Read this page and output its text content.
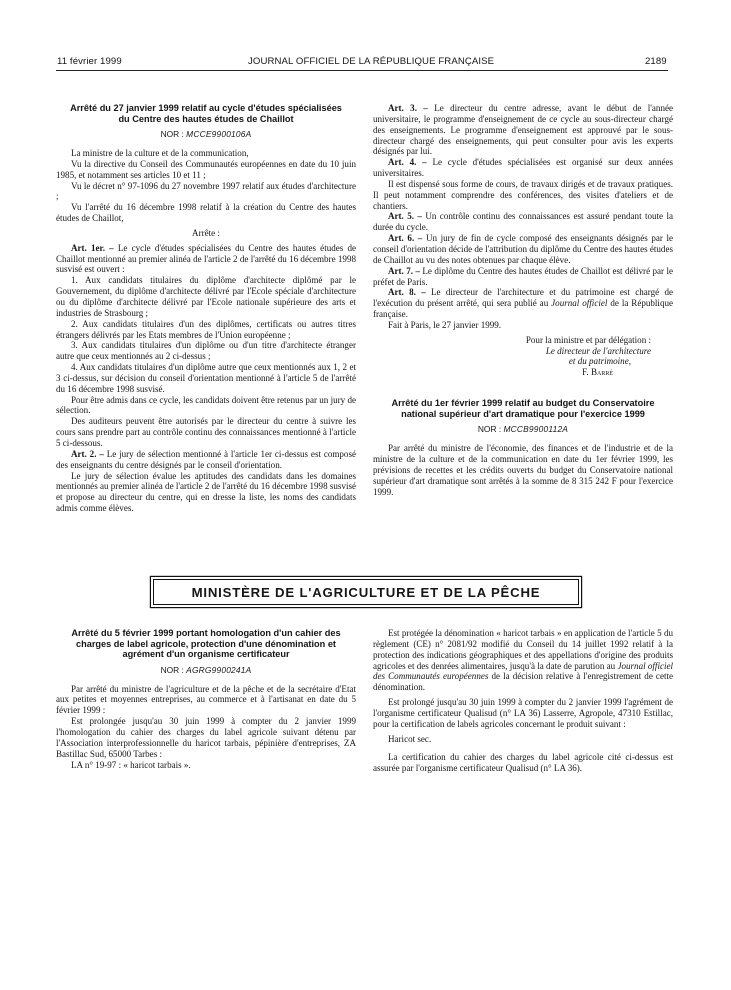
11 février 1999	JOURNAL OFFICIEL DE LA RÉPUBLIQUE FRANÇAISE	2189

Arrêté du 27 janvier 1999 relatif au cycle d'études spécialisées du Centre des hautes études de Chaillot

NOR : MCCE9900106A

La ministre de la culture et de la communication,

Vu la directive du Conseil des Communautés européennes en date du 10 juin 1985, et notamment ses articles 10 et 11 ;

Vu le décret n° 97-1096 du 27 novembre 1997 relatif aux études d'architecture ;

Vu l'arrêté du 16 décembre 1998 relatif à la création du Centre des hautes études de Chaillot,

Arrête :

Art. 1er. – Le cycle d'études spécialisées du Centre des hautes études de Chaillot mentionné au premier alinéa de l'article 2 de l'arrêté du 16 décembre 1998 susvisé est ouvert :

1. Aux candidats titulaires du diplôme d'architecte diplômé par le Gouvernement, du diplôme d'architecte délivré par l'Ecole spéciale d'architecture ou du diplôme d'architecte délivré par l'Ecole nationale supérieure des arts et industries de Strasbourg ;

2. Aux candidats titulaires d'un des diplômes, certificats ou autres titres étrangers délivrés par les Etats membres de l'Union européenne ;

3. Aux candidats titulaires d'un diplôme ou d'un titre d'architecte étranger autre que ceux mentionnés au 2 ci-dessus ;

4. Aux candidats titulaires d'un diplôme autre que ceux mentionnés aux 1, 2 et 3 ci-dessus, sur décision du conseil d'orientation mentionné à l'article 5 de l'arrêté du 16 décembre 1998 susvisé.

Pour être admis dans ce cycle, les candidats doivent être retenus par un jury de sélection.

Des auditeurs peuvent être autorisés par le directeur du centre à suivre les cours sans prendre part au contrôle continu des connaissances mentionné à l'article 5 ci-dessous.

Art. 2. – Le jury de sélection mentionné à l'article 1er ci-dessus est composé des enseignants du centre désignés par le conseil d'orientation.

Le jury de sélection évalue les aptitudes des candidats dans les domaines mentionnés au premier alinéa de l'article 2 de l'arrêté du 16 décembre 1998 susvisé et propose au directeur du centre, qui en dresse la liste, les noms des candidats admis comme élèves.

Art. 3. – Le directeur du centre adresse, avant le début de l'année universitaire, le programme d'enseignement de ce cycle au sous-directeur chargé des enseignements. Le programme d'enseignement est approuvé par le sous-directeur chargé des enseignements, qui peut consulter pour avis les experts désignés par lui.

Art. 4. – Le cycle d'études spécialisées est organisé sur deux années universitaires.

Il est dispensé sous forme de cours, de travaux dirigés et de travaux pratiques. Il peut notamment comprendre des conférences, des visites d'ateliers et de chantiers.

Art. 5. – Un contrôle continu des connaissances est assuré pendant toute la durée du cycle.

Art. 6. – Un jury de fin de cycle composé des enseignants désignés par le conseil d'orientation décide de l'attribution du diplôme du Centre des hautes études de Chaillot au vu des notes obtenues par chaque élève.

Art. 7. – Le diplôme du Centre des hautes études de Chaillot est délivré par le préfet de Paris.

Art. 8. – Le directeur de l'architecture et du patrimoine est chargé de l'exécution du présent arrêté, qui sera publié au Journal officiel de la République française.

Fait à Paris, le 27 janvier 1999.

Pour la ministre et par délégation :

Le directeur de l'architecture

et du patrimoine,

F. Barré

Arrêté du 1er février 1999 relatif au budget du Conservatoire national supérieur d'art dramatique pour l'exercice 1999

NOR : MCCB9900112A

Par arrêté du ministre de l'économie, des finances et de l'industrie et de la ministre de la culture et de la communication en date du 1er février 1999, les prévisions de recettes et les crédits ouverts du budget du Conservatoire national supérieur d'art dramatique sont arrêtés à la somme de 8 315 242 F pour l'exercice 1999.

MINISTÈRE DE L'AGRICULTURE ET DE LA PÊCHE

Arrêté du 5 février 1999 portant homologation d'un cahier des charges de label agricole, protection d'une dénomination et agrément d'un organisme certificateur

NOR : AGRG9900241A

Par arrêté du ministre de l'agriculture et de la pêche et de la secrétaire d'Etat aux petites et moyennes entreprises, au commerce et à l'artisanat en date du 5 février 1999 :

Est prolongée jusqu'au 30 juin 1999 à compter du 2 janvier 1999 l'homologation du cahier des charges du label agricole suivant détenu par l'Association interprofessionnelle du haricot tarbais, pépinière d'entreprises, ZA Bastillac Sud, 65000 Tarbes :

LA n° 19-97 : « haricot tarbais ».

Est protégée la dénomination « haricot tarbais » en application de l'article 5 du règlement (CE) n° 2081/92 modifié du Conseil du 14 juillet 1992 relatif à la protection des indications géographiques et des appellations d'origine des produits agricoles et des denrées alimentaires, jusqu'à la date de parution au Journal officiel des Communautés européennes de la décision relative à l'enregistrement de cette dénomination.

Est prolongé jusqu'au 30 juin 1999 à compter du 2 janvier 1999 l'agrément de l'organisme certificateur Qualisud (n° LA 36) Lasserre, Agropole, 47310 Estillac, pour la certification de labels agricoles concernant le produit suivant :

Haricot sec.

La certification du cahier des charges du label agricole cité ci-dessus est assurée par l'organisme certificateur Qualisud (n° LA 36).
